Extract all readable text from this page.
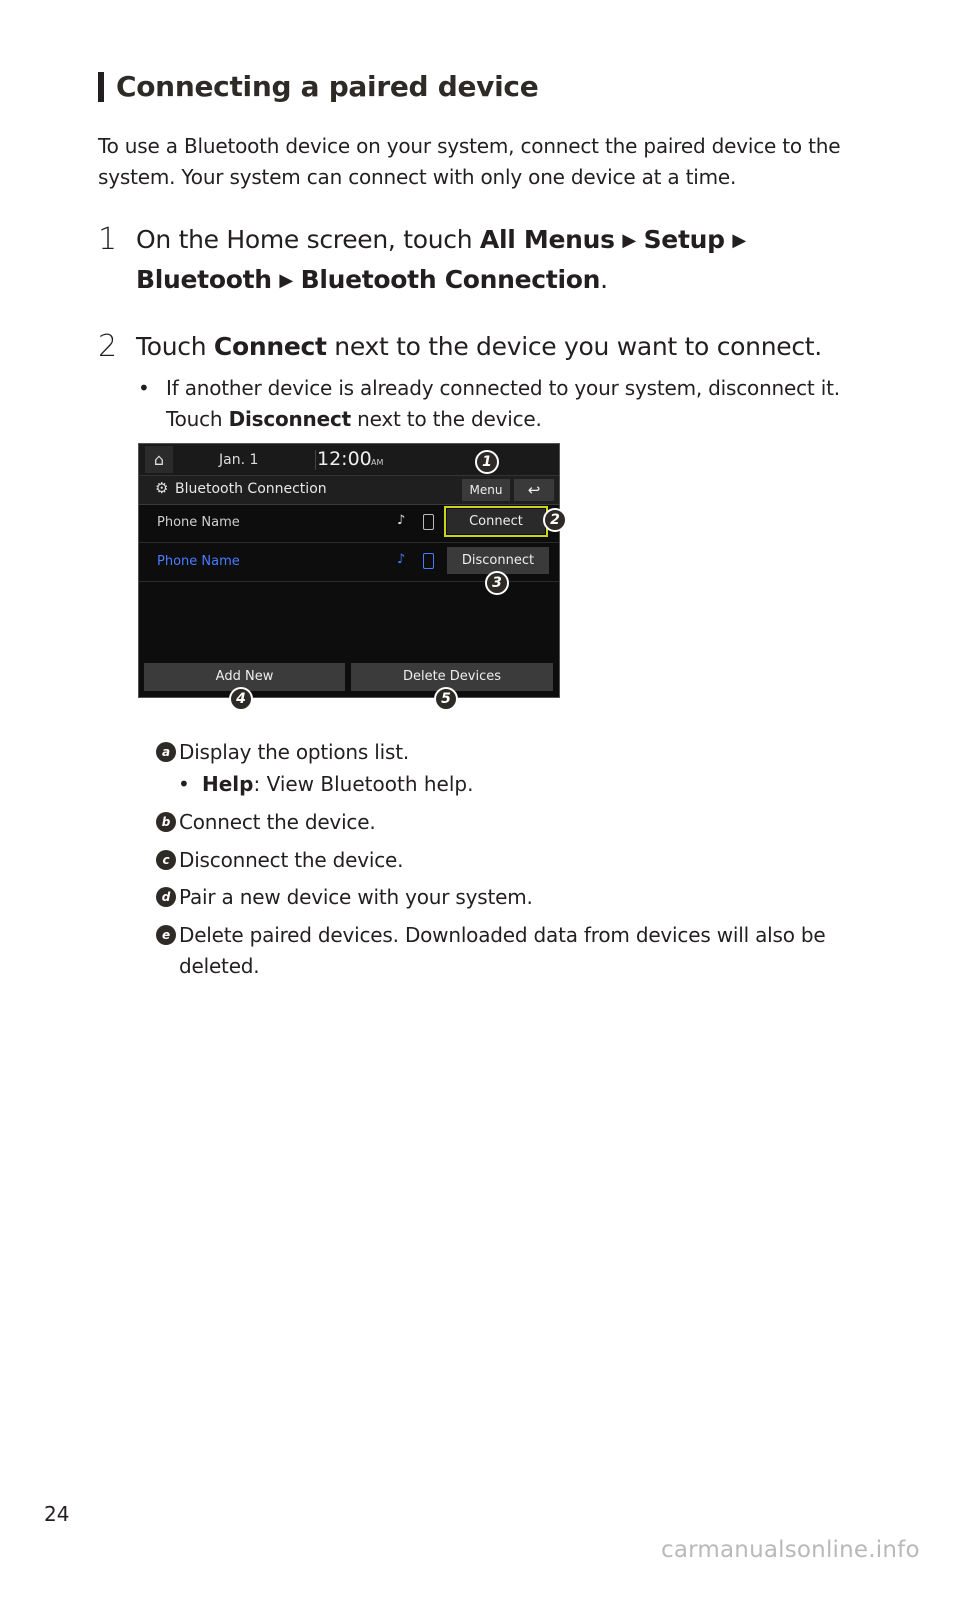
Connecting a paired device

To use a Bluetooth device on your system, connect the paired device to the system. Your system can connect with only one device at a time.

1 On the Home screen, touch All Menus ▶ Setup ▶
Bluetooth ▶ Bluetooth Connection.
2 Touch Connect next to the device you want to connect.
• If another device is already connected to your system, disconnect it. Touch Disconnect next to the device.
⌂	Jan. 1	12:00 AM
⚙ Bluetooth Connection	Menu	↩
Phone Name	♪	Connect
Phone Name	♪	Disconnect
Add New	Delete Devices
1
2
3
4	5
a Display the options list.
• Help: View Bluetooth help.
b Connect the device.
c Disconnect the device.
d Pair a new device with your system.
e Delete paired devices. Downloaded data from devices will also be deleted.
24
carmanualsonline.info
